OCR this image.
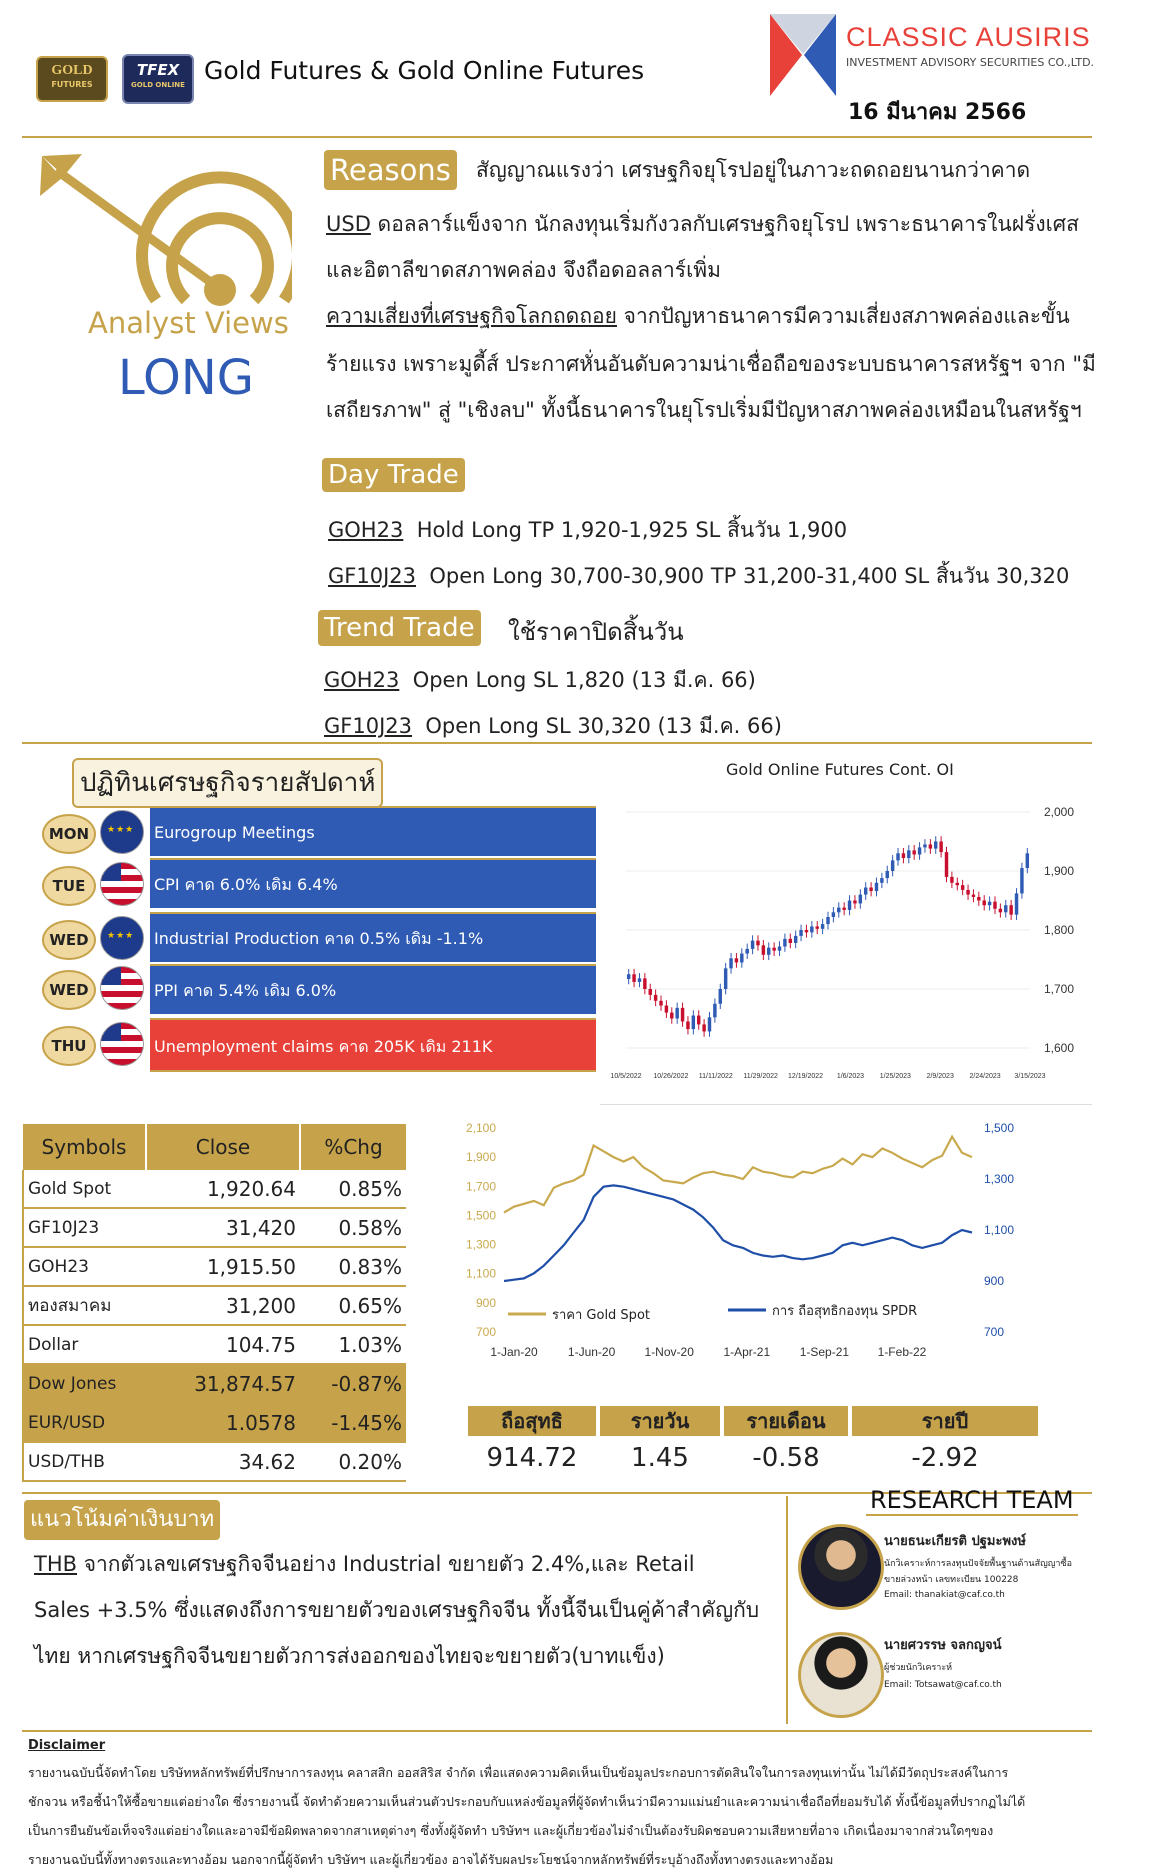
GOLD
FUTURES
TFEX
GOLD ONLINE Gold Futures & Gold Online Futures
CLASSIC AUSIRIS
INVESTMENT ADVISORY SECURITIES CO.,LTD.
16 มีนาคม 2566
Analyst Views
LONG
Reasons สัญญาณแรงว่า เศรษฐกิจยุโรปอยู่ในภาวะถดถอยนานกว่าคาด
USD ดอลลาร์แข็งจาก นักลงทุนเริ่มกังวลกับเศรษฐกิจยุโรป เพราะธนาคารในฝรั่งเศส
และอิตาลีขาดสภาพคล่อง จึงถือดอลลาร์เพิ่ม
ความเสี่ยงที่เศรษฐกิจโลกถดถอย จากปัญหาธนาคารมีความเสี่ยงสภาพคล่องและขั้น
ร้ายแรง เพราะมูดี้ส์ ประกาศหั่นอันดับความน่าเชื่อถือของระบบธนาคารสหรัฐฯ จาก "มี
เสถียรภาพ" สู่ "เชิงลบ" ทั้งนี้ธนาคารในยุโรปเริ่มมีปัญหาสภาพคล่องเหมือนในสหรัฐฯ
Day Trade
GOH23 Hold Long TP 1,920-1,925 SL สิ้นวัน 1,900
GF10J23 Open Long 30,700-30,900 TP 31,200-31,400 SL สิ้นวัน 30,320
Trend Trade ใช้ราคาปิดสิ้นวัน
GOH23 Open Long SL 1,820 (13 มี.ค. 66)
GF10J23 Open Long SL 30,320 (13 มี.ค. 66)
ปฏิทินเศรษฐกิจรายสัปดาห์
MON ★★★	Eurogroup Meetings
TUE	CPI คาด 6.0% เดิม 6.4%
WED ★★★	Industrial Production คาด 0.5% เดิม -1.1%
WED	PPI คาด 5.4% เดิม 6.0%
THU	Unemployment claims คาด 205K เดิม 211K
Gold Online Futures Cont. OI
1,600
1,700
1,800
1,900
2,000
10/5/2022 10/26/2022 11/11/2022 11/29/2022 12/19/2022 1/6/2023 1/25/2023 2/9/2023 2/24/2023 3/15/2023
Symbols	Close	%Chg
Gold Spot	1,920.64	0.85%
GF10J23	31,420	0.58%
GOH23	1,915.50	0.83%
ทองสมาคม	31,200	0.65%
Dollar	104.75	1.03%
Dow Jones	31,874.57	-0.87%
EUR/USD	1.0578	-1.45%
USD/THB	34.62	0.20%
700
900
1,100
1,300
1,500
1,700
1,900
2,100
700
900
1,100
1,300
1,500
1-Jan-20	1-Jun-20 1-Nov-20 1-Apr-21 1-Sep-21 1-Feb-22
ราคา Gold Spot	การ ถือสุทธิกองทุน SPDR
ถือสุทธิ	รายวัน	รายเดือน	รายปี
914.72	1.45	-0.58	-2.92
แนวโน้มค่าเงินบาท
THB จากตัวเลขเศรษฐกิจจีนอย่าง Industrial ขยายตัว 2.4%,และ Retail
Sales +3.5% ซึ่งแสดงถึงการขยายตัวของเศรษฐกิจจีน ทั้งนี้จีนเป็นคู่ค้าสำคัญกับ
ไทย หากเศรษฐกิจจีนขยายตัวการส่งออกของไทยจะขยายตัว(บาทแข็ง)
RESEARCH TEAM
นายธนะเกียรติ ปฐมะพงษ์
นักวิเคราะห์การลงทุนปัจจัยพื้นฐานด้านสัญญาซื้อ
ขายล่วงหน้า เลขทะเบียน 100228
Email: thanakiat@caf.co.th
นายศวรรษ จลกญจน์
ผู้ช่วยนักวิเคราะห์
Email: Totsawat@caf.co.th
Disclaimer
รายงานฉบับนี้จัดทำโดย บริษัทหลักทรัพย์ที่ปรึกษาการลงทุน คลาสสิก ออสสิริส จำกัด เพื่อแสดงความคิดเห็นเป็นข้อมูลประกอบการตัดสินใจในการลงทุนเท่านั้น ไม่ได้มีวัตถุประสงค์ในการ
ชักจวน หรือชี้นำให้ซื้อขายแต่อย่างใด ซึ่งรายงานนี้ จัดทำด้วยความเห็นส่วนตัวประกอบกับแหล่งข้อมูลที่ผู้จัดทำเห็นว่ามีความแม่นยำและความน่าเชื่อถือที่ยอมรับได้ ทั้งนี้ข้อมูลที่ปรากฏไม่ได้
เป็นการยืนยันข้อเท็จจริงแต่อย่างใดและอาจมีข้อผิดพลาดจากสาเหตุต่างๆ ซึ่งทั้งผู้จัดทำ บริษัทฯ และผู้เกี่ยวข้องไม่จำเป็นต้องรับผิดชอบความเสียหายที่อาจ เกิดเนื่องมาจากส่วนใดๆของ
รายงานฉบับนี้ทั้งทางตรงและทางอ้อม นอกจากนี้ผู้จัดทำ บริษัทฯ และผู้เกี่ยวข้อง อาจได้รับผลประโยชน์จากหลักทรัพย์ที่ระบุอ้างถึงทั้งทางตรงและทางอ้อม
